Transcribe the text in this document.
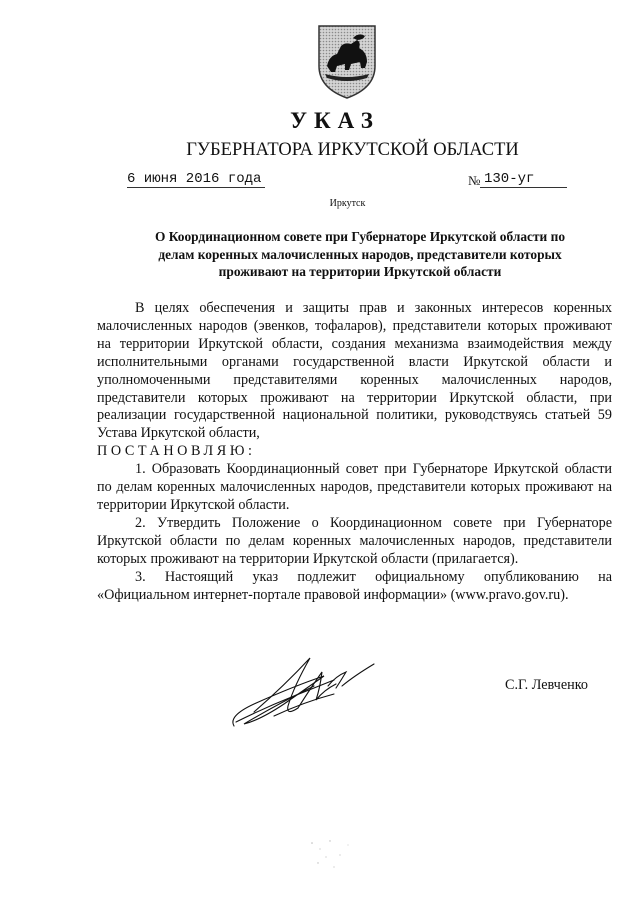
УКАЗ
ГУБЕРНАТОРА ИРКУТСКОЙ ОБЛАСТИ
6 июня 2016 года	№ 130-уг
Иркутск
О Координационном совете при Губернаторе Иркутской области по
делам коренных малочисленных народов, представители которых
проживают на территории Иркутской области

В целях обеспечения и защиты прав и законных интересов коренных малочисленных народов (эвенков, тофаларов), представители которых проживают на территории Иркутской области, создания механизма взаимодействия между исполнительными органами государственной власти Иркутской области и уполномоченными представителями коренных малочисленных народов, представители которых проживают на территории Иркутской области, при реализации государственной национальной политики, руководствуясь статьей 59 Устава Иркутской области,

ПОСТАНОВЛЯЮ:

1. Образовать Координационный совет при Губернаторе Иркутской области по делам коренных малочисленных народов, представители которых проживают на территории Иркутской области.

2. Утвердить Положение о Координационном совете при Губернаторе Иркутской области по делам коренных малочисленных народов, представители которых проживают на территории Иркутской области (прилагается).

3. Настоящий указ подлежит официальному опубликованию на «Официальном интернет-портале правовой информации» (www.pravo.gov.ru).

С.Г. Левченко
